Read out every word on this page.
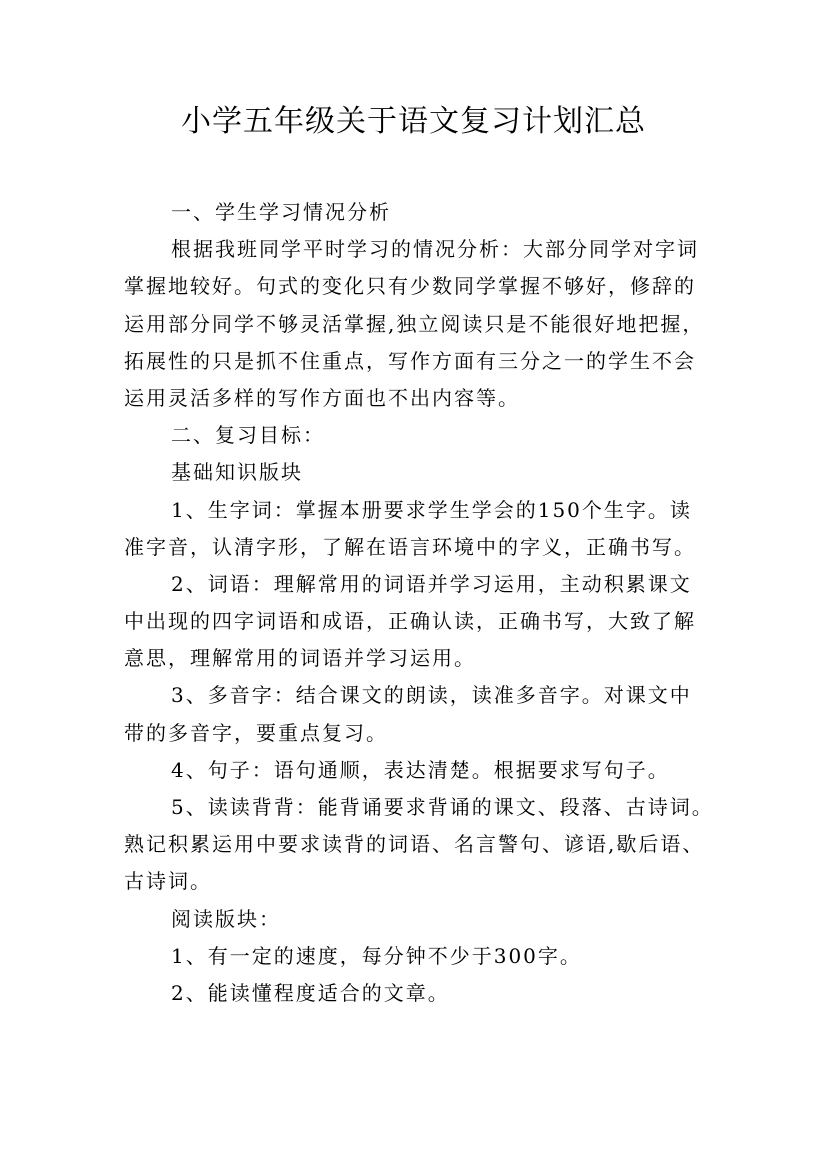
小学五年级关于语文复习计划汇总

一、学生学习情况分析

根据我班同学平时学习的情况分析：大部分同学对字词

掌握地较好。句式的变化只有少数同学掌握不够好，修辞的

运用部分同学不够灵活掌握,独立阅读只是不能很好地把握，

拓展性的只是抓不住重点，写作方面有三分之一的学生不会

运用灵活多样的写作方面也不出内容等。

二、复习目标：

基础知识版块

1、生字词：掌握本册要求学生学会的150个生字。读

准字音，认清字形，了解在语言环境中的字义，正确书写。

2、词语：理解常用的词语并学习运用，主动积累课文

中出现的四字词语和成语，正确认读，正确书写，大致了解

意思，理解常用的词语并学习运用。

3、多音字：结合课文的朗读，读准多音字。对课文中

带的多音字，要重点复习。

4、句子：语句通顺，表达清楚。根据要求写句子。

5、读读背背：能背诵要求背诵的课文、段落、古诗词。

熟记积累运用中要求读背的词语、名言警句、谚语,歇后语、

古诗词。

阅读版块：

1、有一定的速度，每分钟不少于300字。

2、能读懂程度适合的文章。
